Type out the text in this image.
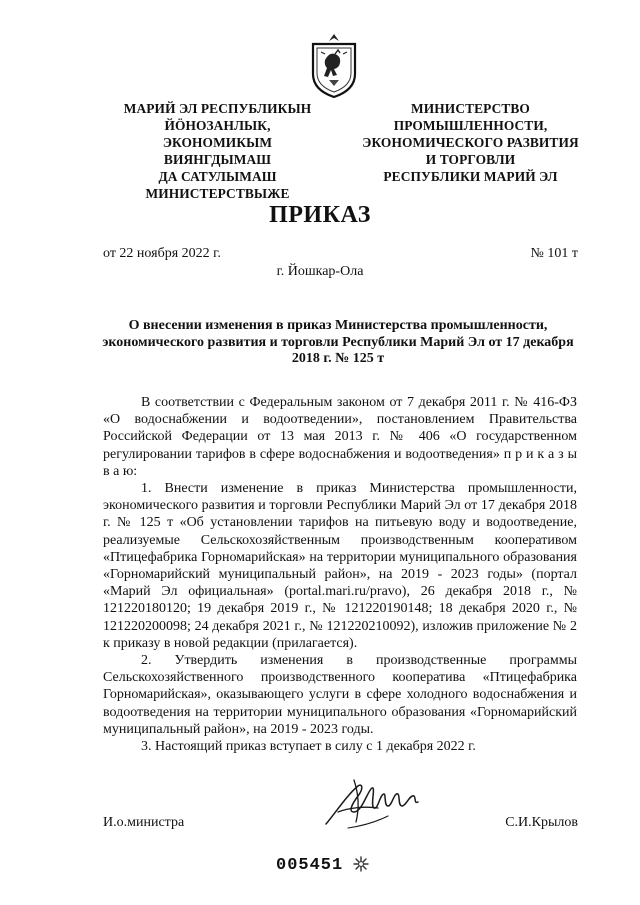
МАРИЙ ЭЛ РЕСПУБЛИКЫН
ЙӦНОЗАНЛЫК, ЭКОНОМИКЫМ
ВИЯНГДЫМАШ
ДА САТУЛЫМАШ
МИНИСТЕРСТВЫЖЕ
МИНИСТЕРСТВО
ПРОМЫШЛЕННОСТИ,
ЭКОНОМИЧЕСКОГО РАЗВИТИЯ
И ТОРГОВЛИ
РЕСПУБЛИКИ МАРИЙ ЭЛ
ПРИКАЗ
от 22 ноября 2022 г.	№ 101 т
г. Йошкар-Ола
О внесении изменения в приказ Министерства промышленности, экономического развития и торговли Республики Марий Эл от 17 декабря 2018 г. № 125 т

В соответствии с Федеральным законом от 7 декабря 2011 г. № 416-ФЗ «О водоснабжении и водоотведении», постановлением Правительства Российской Федерации от 13 мая 2013 г. № 406 «О государственном регулировании тарифов в сфере водоснабжения и водоотведения» п р и к а з ы в а ю:

1. Внести изменение в приказ Министерства промышленности, экономического развития и торговли Республики Марий Эл от 17 декабря 2018 г. № 125 т «Об установлении тарифов на питьевую воду и водоотведение, реализуемые Сельскохозяйственным производственным кооперативом «Птицефабрика Горномарийская» на территории муниципального образования «Горномарийский муниципальный район», на 2019 - 2023 годы» (портал «Марий Эл официальная» (portal.mari.ru/pravo), 26 декабря 2018 г., № 121220180120; 19 декабря 2019 г., № 121220190148; 18 декабря 2020 г., № 121220200098; 24 декабря 2021 г., № 121220210092), изложив приложение № 2 к приказу в новой редакции (прилагается).

2. Утвердить изменения в производственные программы Сельскохозяйственного производственного кооператива «Птицефабрика Горномарийская», оказывающего услуги в сфере холодного водоснабжения и водоотведения на территории муниципального образования «Горномарийский муниципальный район», на 2019 - 2023 годы.

3. Настоящий приказ вступает в силу с 1 декабря 2022 г.

И.о.министра	С.И.Крылов
005451
